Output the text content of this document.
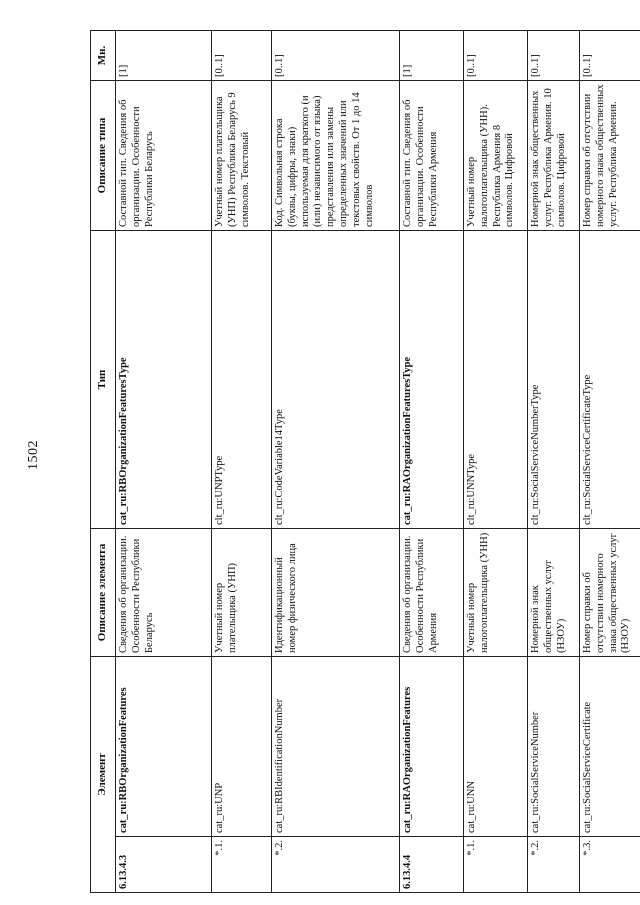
1502
Элемент		Описание элемента	Тип	Описание типа	Мн.
6.13.4.3	cat_ru:RBOrganizationFeatures	Сведения об организации. Особенности Республики Беларусь	cat_ru:RBOrganizationFeaturesType	Составной тип. Сведения об организации. Особенности Республики Беларусь	[1]
*.1.	cat_ru:UNP	Учетный номер плательщика (УНП)	clt_ru:UNPType	Учетный номер плательщика (УНП) Республика Беларусь 9 символов. Текстовый	[0..1]
*.2.	cat_ru:RBIdentificationNumber	Идентификационный номер физического лица	clt_ru:CodeVariable14Type	Код. Символьная строка (буквы, цифры, знаки) используемая для краткого (и (или) независимого от языка) представления или замены определенных значений или текстовых свойств. От 1 до 14 символов	[0..1]
6.13.4.4	cat_ru:RAOrganizationFeatures	Сведения об организации. Особенности Республики Армения	cat_ru:RAOrganizationFeaturesType	Составной тип. Сведения об организации. Особенности Республики Армения	[1]
*.1.	cat_ru:UNN	Учетный номер налогоплательщика (УНН)	clt_ru:UNNType	Учетный номер налогоплательщика (УНН). Республика Армения 8 символов. Цифровой	[0..1]
*.2.	cat_ru:SocialServiceNumber	Номерной знак общественных услуг (НЗОУ)	clt_ru:SocialServiceNumberType	Номерной знак общественных услуг. Республика Армения. 10 символов. Цифровой	[0..1]
*.3.	cat_ru:SocialServiceCertificate	Номер справки об отсутствии номерного знака общественных услуг (НЗОУ)	clt_ru:SocialServiceCertificateType	Номер справки об отсутствии номерного знака общественных услуг. Республика Армения.	[0..1]
